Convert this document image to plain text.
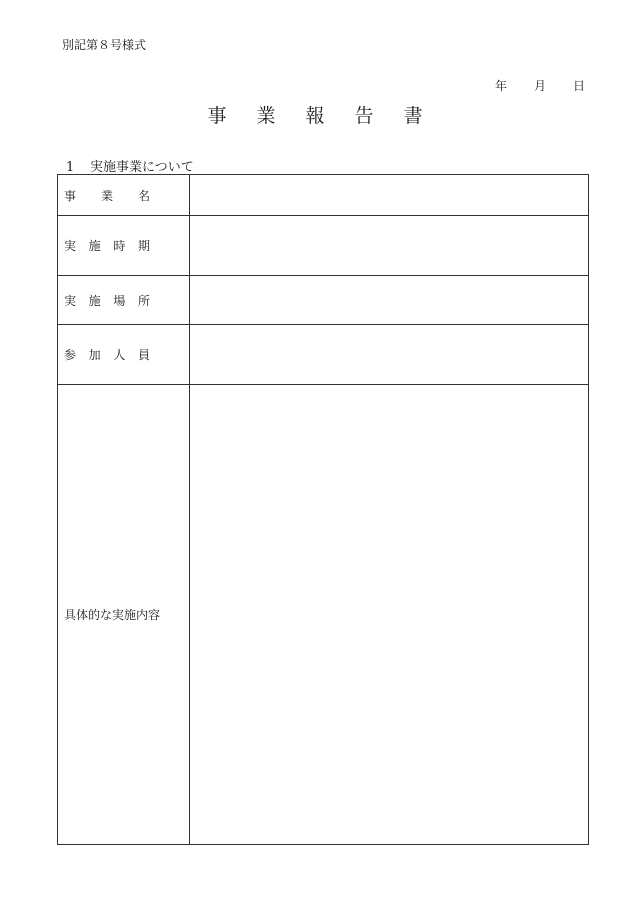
別記第８号様式
年 月 日
事業報告書
1 実施事業について
事 業 名	

実 施 時 期	

実 施 場 所	

参 加 人 員	

具体的な実施内容	
